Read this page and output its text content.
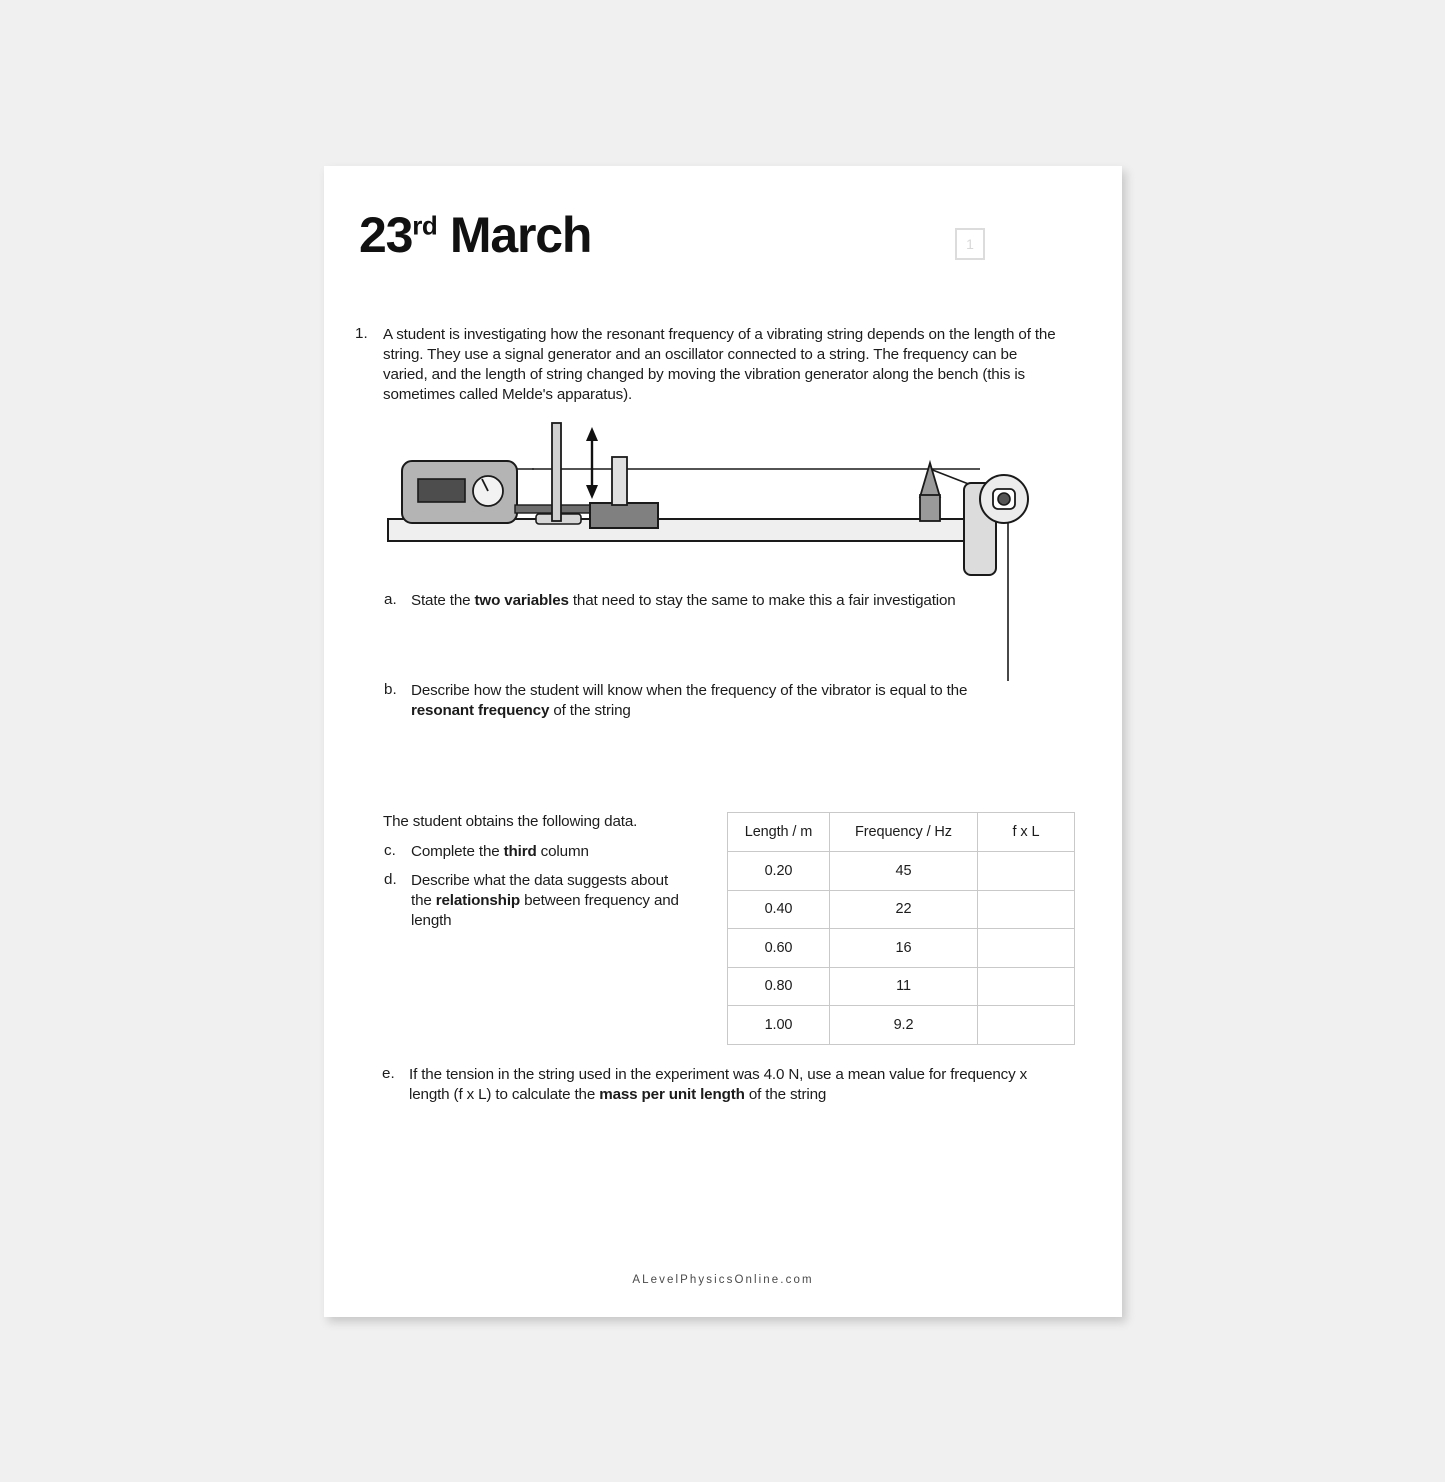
23rd March	1
1.	A student is investigating how the resonant frequency of a vibrating string depends on the length of the string. They use a signal generator and an oscillator connected to a string. The frequency can be varied, and the length of string changed by moving the vibration generator along the bench (this is sometimes called Melde's apparatus).
a. State the two variables that need to stay the same to make this a fair investigation
b. Describe how the student will know when the frequency of the vibrator is equal to the resonant frequency of the string
The student obtains the following data.
c. Complete the third column
d. Describe what the data suggests about the relationship between frequency and length
Length / m	Frequency / Hz	f x L
0.20	45	
0.40	22	
0.60	16	
0.80	11	
1.00	9.2	
e. If the tension in the string used in the experiment was 4.0 N, use a mean value for frequency x length (f x L) to calculate the mass per unit length of the string
ALevelPhysicsOnline.com
